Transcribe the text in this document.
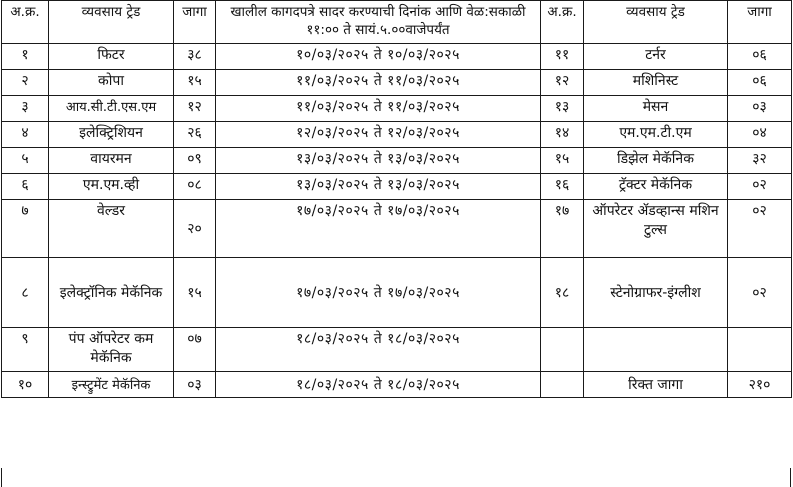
अ.क्र.	व्यवसाय ट्रेड	जागा	खालील कागदपत्रे सादर करण्याची दिनांक आणि वेळ:सकाळी ११:०० ते सायं.५.००वाजेपर्यंत	अ.क्र.	व्यवसाय ट्रेड	जागा
१	फिटर	३८	१०/०३/२०२५ ते १०/०३/२०२५	११	टर्नर	०६
२	कोपा	१५	११/०३/२०२५ ते ११/०३/२०२५	१२	मशिनिस्ट	०६
३	आय.सी.टी.एस.एम	१२	११/०३/२०२५ ते ११/०३/२०२५	१३	मेसन	०३
४	इलेक्ट्रिशियन	२६	१२/०३/२०२५ ते १२/०३/२०२५	१४	एम.एम.टी.एम	०४
५	वायरमन	०९	१३/०३/२०२५ ते १३/०३/२०२५	१५	डिझेल मेकॅनिक	३२
६	एम.एम.व्ही	०८	१३/०३/२०२५ ते १३/०३/२०२५	१६	ट्रॅक्टर मेकॅनिक	०२
७	वेल्डर	२०	१७/०३/२०२५ ते १७/०३/२०२५	१७	ऑपरेटर ॲडव्हान्स मशिन टुल्स	०२
८	इलेक्ट्रॉनिक मेकॅनिक	१५	१७/०३/२०२५ ते १७/०३/२०२५	१८	स्टेनोग्राफर-इंग्लीश	०२
९	पंप ऑपरेटर कम मेकॅनिक	०७	१८/०३/२०२५ ते १८/०३/२०२५			
१०	इन्स्ट्रुमेंट मेकॅनिक	०३	१८/०३/२०२५ ते १८/०३/२०२५		रिक्त जागा	२१०
